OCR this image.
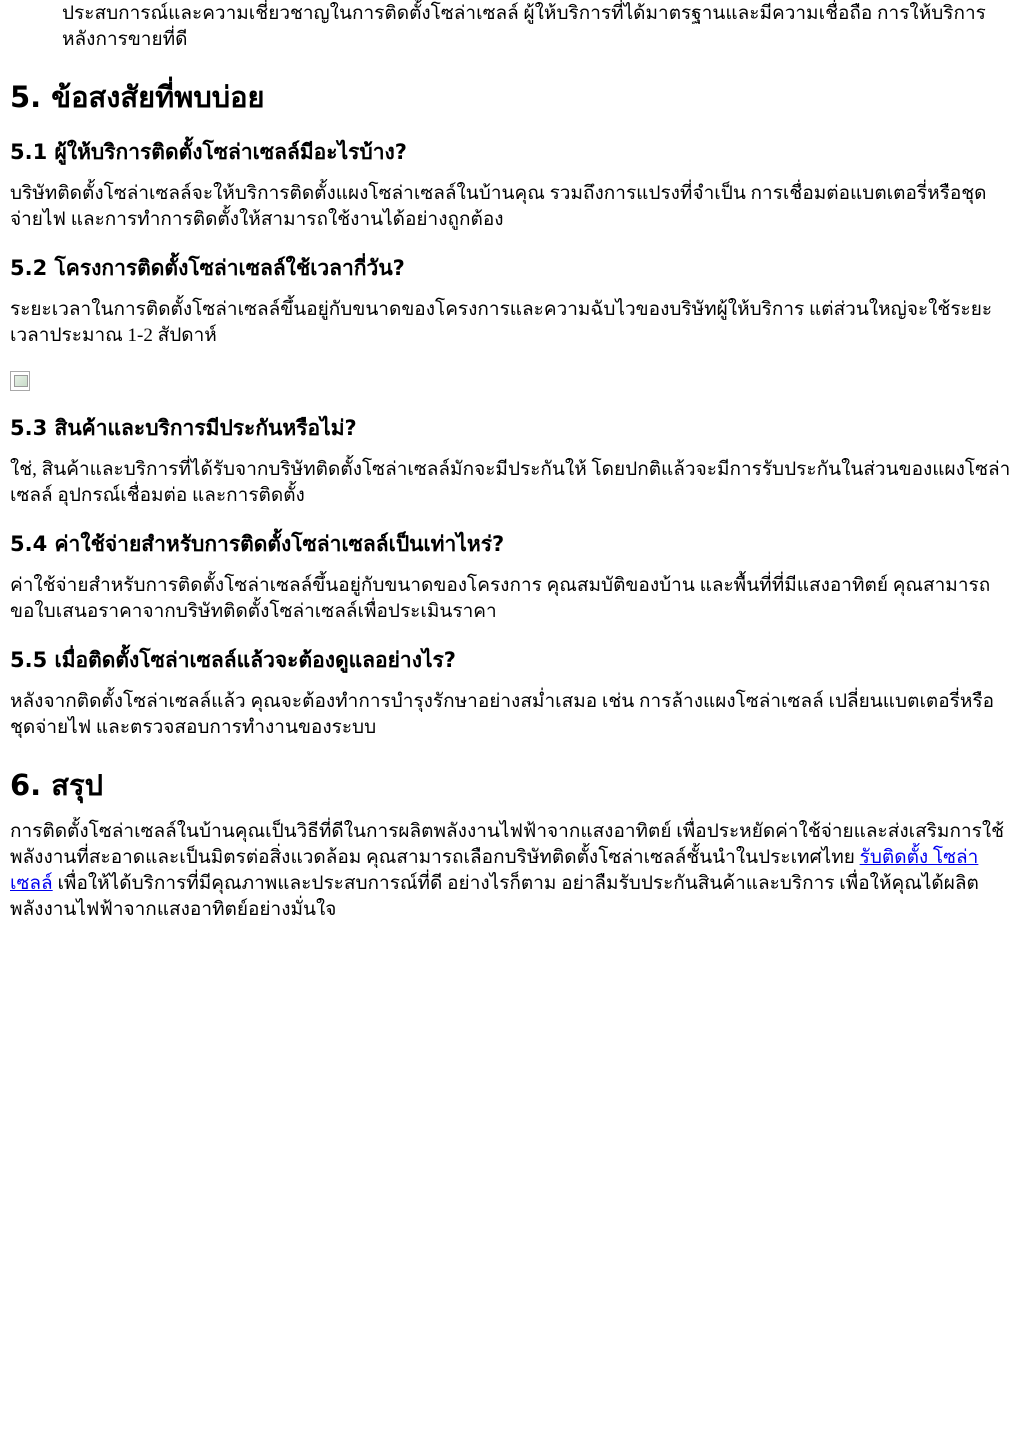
ประสบการณ์และความเชี่ยวชาญในการติดตั้งโซล่าเซลล์ ผู้ให้บริการที่ได้มาตรฐานและมีความเชื่อถือ การให้บริการหลังการขายที่ดี
5. ข้อสงสัยที่พบบ่อย
5.1 ผู้ให้บริการติดตั้งโซล่าเซลล์มีอะไรบ้าง?

บริษัทติดตั้งโซล่าเซลล์จะให้บริการติดตั้งแผงโซล่าเซลล์ในบ้านคุณ รวมถึงการแปรงที่จำเป็น การเชื่อมต่อแบตเตอรี่หรือชุดจ่ายไฟ และการทำการติดตั้งให้สามารถใช้งานได้อย่างถูกต้อง

5.2 โครงการติดตั้งโซล่าเซลล์ใช้เวลากี่วัน?

ระยะเวลาในการติดตั้งโซล่าเซลล์ขึ้นอยู่กับขนาดของโครงการและความฉับไวของบริษัทผู้ให้บริการ แต่ส่วนใหญ่จะใช้ระยะเวลาประมาณ 1-2 สัปดาห์

5.3 สินค้าและบริการมีประกันหรือไม่?

ใช่, สินค้าและบริการที่ได้รับจากบริษัทติดตั้งโซล่าเซลล์มักจะมีประกันให้ โดยปกติแล้วจะมีการรับประกันในส่วนของแผงโซล่าเซลล์ อุปกรณ์เชื่อมต่อ และการติดตั้ง

5.4 ค่าใช้จ่ายสำหรับการติดตั้งโซล่าเซลล์เป็นเท่าไหร่?

ค่าใช้จ่ายสำหรับการติดตั้งโซล่าเซลล์ขึ้นอยู่กับขนาดของโครงการ คุณสมบัติของบ้าน และพื้นที่ที่มีแสงอาทิตย์ คุณสามารถขอใบเสนอราคาจากบริษัทติดตั้งโซล่าเซลล์เพื่อประเมินราคา

5.5 เมื่อติดตั้งโซล่าเซลล์แล้วจะต้องดูแลอย่างไร?

หลังจากติดตั้งโซล่าเซลล์แล้ว คุณจะต้องทำการบำรุงรักษาอย่างสม่ำเสมอ เช่น การล้างแผงโซล่าเซลล์ เปลี่ยนแบตเตอรี่หรือชุดจ่ายไฟ และตรวจสอบการทำงานของระบบ

6. สรุป

การติดตั้งโซล่าเซลล์ในบ้านคุณเป็นวิธีที่ดีในการผลิตพลังงานไฟฟ้าจากแสงอาทิตย์ เพื่อประหยัดค่าใช้จ่ายและส่งเสริมการใช้พลังงานที่สะอาดและเป็นมิตรต่อสิ่งแวดล้อม คุณสามารถเลือกบริษัทติดตั้งโซล่าเซลล์ชั้นนำในประเทศไทย รับติดตั้ง โซล่าเซลล์ เพื่อให้ได้บริการที่มีคุณภาพและประสบการณ์ที่ดี อย่างไรก็ตาม อย่าลืมรับประกันสินค้าและบริการ เพื่อให้คุณได้ผลิตพลังงานไฟฟ้าจากแสงอาทิตย์อย่างมั่นใจ
